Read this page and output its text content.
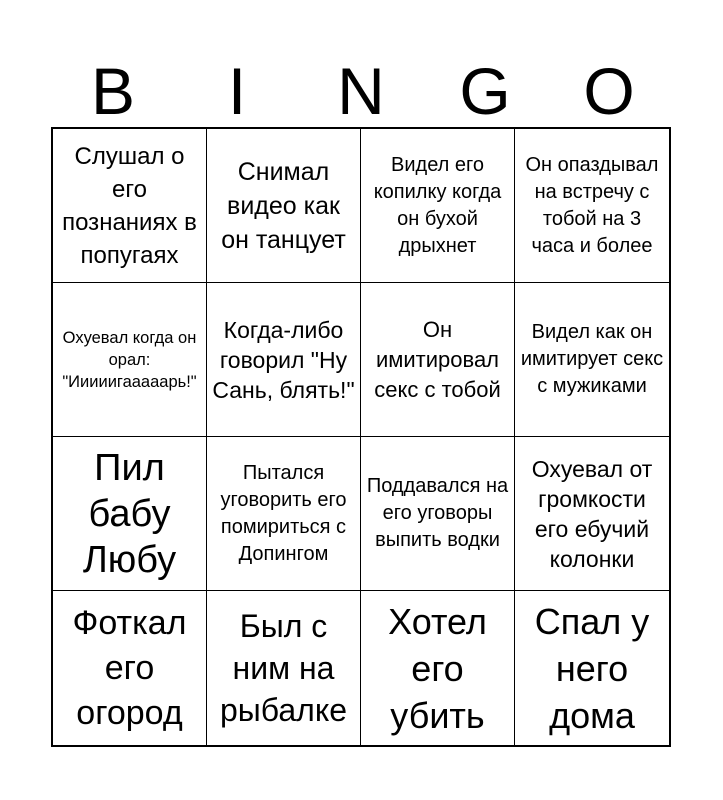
B	I	N	G	O
Слушал о его познаниях в попугаях
Снимал видео как он танцует
Видел его копилку когда он бухой дрыхнет
Он опаздывал на встречу с тобой на 3 часа и более
Охуевал когда он орал: "Ииииигааааарь!"
Когда-либо говорил "Ну Сань, блять!"
Он имитировал секс с тобой
Видел как он имитирует секс с мужиками
Пил бабу Любу
Пытался уговорить его помириться с Допингом
Поддавался на его уговоры выпить водки
Охуевал от громкости его ебучий колонки
Фоткал его огород
Был с ним на рыбалке
Хотел его убить
Спал у него дома
